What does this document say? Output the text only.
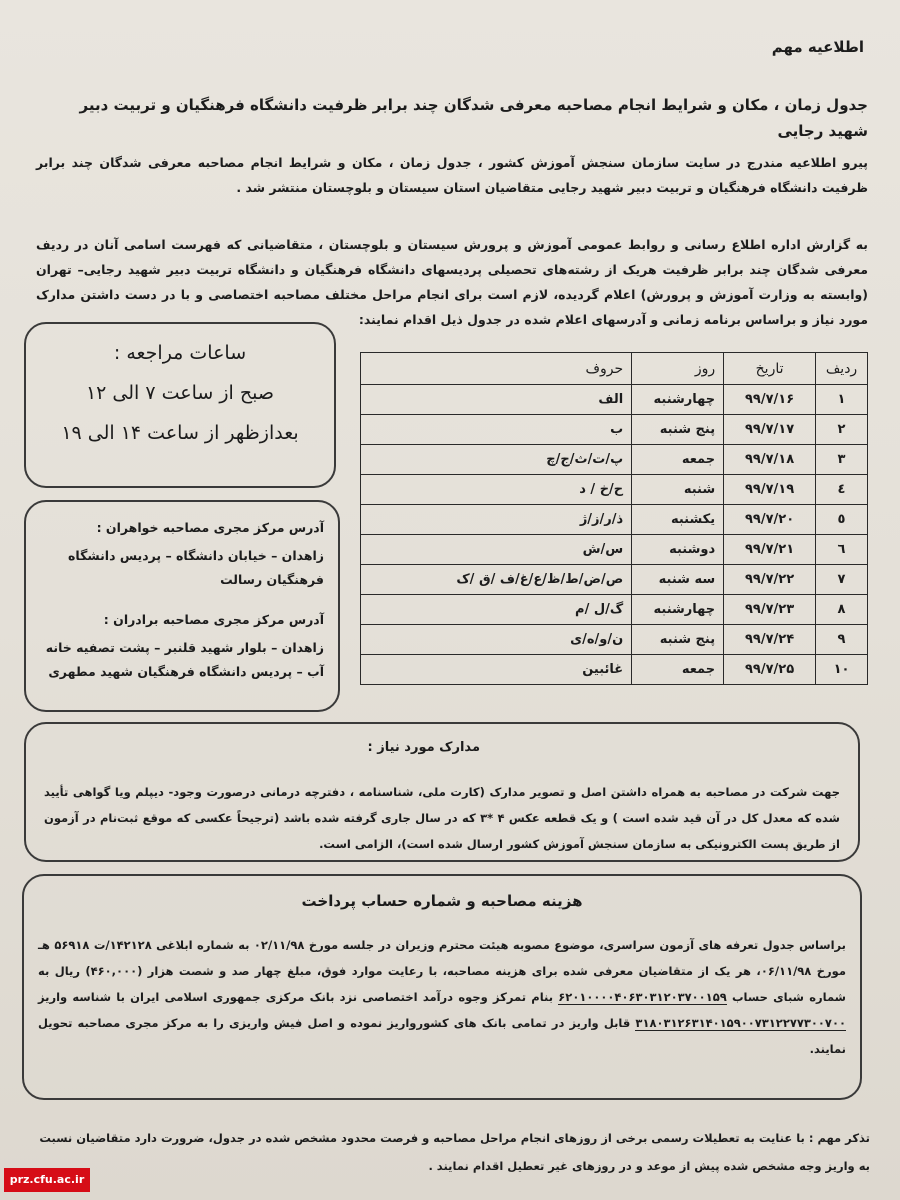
اطلاعیه مهم
جدول زمان ، مکان و شرایط انجام مصاحبه معرفی شدگان چند برابر ظرفیت دانشگاه فرهنگیان و تربیت دبیر شهید رجایی
پیرو اطلاعیه مندرج در سایت سازمان سنجش آموزش کشور ، جدول زمان ، مکان و شرایط انجام مصاحبه معرفی شدگان چند برابر ظرفیت دانشگاه فرهنگیان و تربیت دبیر شهید رجایی متقاضیان استان سیستان و بلوچستان منتشر شد .
به گزارش اداره اطلاع رسانی و روابط عمومی آموزش و پرورش سیستان و بلوچستان ، متقاضیانی که فهرست اسامی آنان در ردیف معرفی شدگان چند برابر ظرفیت هریک از رشته‌های تحصیلی پردیسهای دانشگاه فرهنگیان و دانشگاه تربیت دبیر شهید رجایی– تهران (وابسته به وزارت آموزش و پرورش) اعلام گردیده، لازم است برای انجام مراحل مختلف مصاحبه اختصاصی و با در دست داشتن مدارک مورد نیاز و براساس برنامه زمانی و آدرسهای اعلام شده در جدول ذیل اقدام نمایند:
ردیف	تاریخ	روز	حروف
۱	۹۹/۷/۱۶	چهارشنبه	الف
۲	۹۹/۷/۱۷	پنج شنبه	ب
۳	۹۹/۷/۱۸	جمعه	پ/ت/ث/ج/چ
٤	۹۹/۷/۱۹	شنبه	ح/خ / د
٥	۹۹/۷/۲۰	یکشنبه	ذ/ر/ز/ژ
٦	۹۹/۷/۲۱	دوشنبه	س/ش
۷	۹۹/۷/۲۲	سه شنبه	ص/ض/ط/ظ/ع/غ/ف /ق /ک
۸	۹۹/۷/۲۳	چهارشنبه	گ/ل /م
۹	۹۹/۷/۲۴	پنج شنبه	ن/و/ه/ی
۱۰	۹۹/۷/۲۵	جمعه	غائبین
ساعات مراجعه :
صبح از ساعت ۷ الی ۱۲
بعدازظهر از ساعت ۱۴ الی ۱۹
آدرس مرکز مجری مصاحبه خواهران :
زاهدان – خیابان دانشگاه – پردیس دانشگاه فرهنگیان رسالت
آدرس مرکز مجری مصاحبه برادران :
زاهدان – بلوار شهید قلنبر – پشت تصفیه خانه آب – پردیس دانشگاه فرهنگیان شهید مطهری
مدارک مورد نیاز :
جهت شرکت در مصاحبه به همراه داشتن اصل و تصویر مدارک (کارت ملی، شناسنامه ، دفترچه درمانی درصورت وجود- دیپلم ویا گواهی تأیید شده که معدل کل در آن قید شده است ) و یک قطعه عکس ۴ *۳ که در سال جاری گرفته شده باشد (ترجیحاً عکسی که موقع ثبت‌نام در آزمون از طریق پست الکترونیکی به سازمان سنجش آموزش کشور ارسال شده است)، الزامی است.
هزینه مصاحبه و شماره حساب پرداخت
براساس جدول تعرفه های آزمون سراسری، موضوع مصوبه هیئت محترم وزیران در جلسه مورخ ۰۲/۱۱/۹۸ به شماره ابلاغی ۱۴۲۱۲۸/ت ۵۶۹۱۸ هـ مورخ ۰۶/۱۱/۹۸، هر یک از متقاضیان معرفی شده برای هزینه مصاحبه، با رعایت موارد فوق، مبلغ چهار صد و شصت هزار (۴۶۰,۰۰۰) ریال به شماره شبای حساب ۶۲۰۱۰۰۰۰۴۰۶۳۰۳۱۲۰۳۷۰۰۱۵۹ بنام تمرکز وجوه درآمد اختصاصی نزد بانک مرکزی جمهوری اسلامی ایران با شناسه واریز ۳۱۸۰۳۱۲۶۳۱۴۰۱۵۹۰۰۷۳۱۲۲۷۷۳۰۰۷۰۰ قابل واریز در تمامی بانک های کشورواریز نموده و اصل فیش واریزی را به مرکز مجری مصاحبه تحویل نمایند.
تذکر مهم : با عنایت به تعطیلات رسمی برخی از روزهای انجام مراحل مصاحبه و فرصت محدود مشخص شده در جدول، ضرورت دارد متقاضیان نسبت به واریز وجه مشخص شده پیش از موعد و در روزهای غیر تعطیل اقدام نمایند .
prz.cfu.ac.ir
